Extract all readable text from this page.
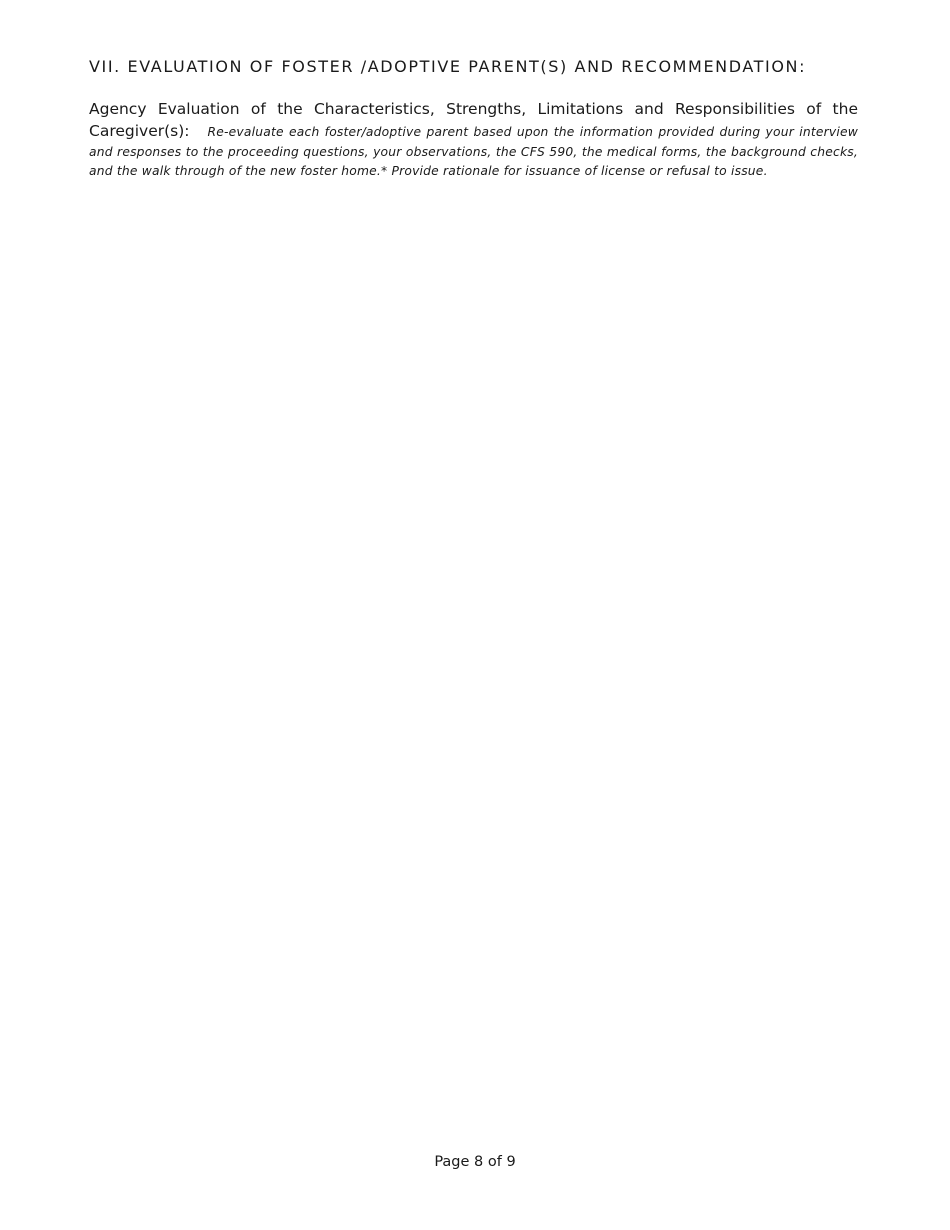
VII. EVALUATION OF FOSTER /ADOPTIVE PARENT(S) AND RECOMMENDATION:

Agency Evaluation of the Characteristics, Strengths, Limitations and Responsibilities of the Caregiver(s): Re-evaluate each foster/adoptive parent based upon the information provided during your interview and responses to the proceeding questions, your observations, the CFS 590, the medical forms, the background checks, and the walk through of the new foster home.* Provide rationale for issuance of license or refusal to issue.

Page 8 of 9
